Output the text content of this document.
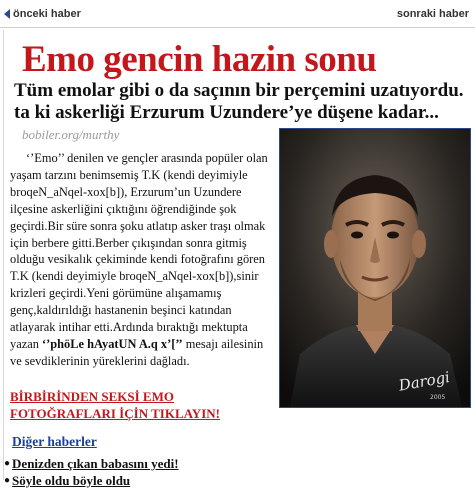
önceki haber	sonraki haber
Emo gencin hazin sonu
Tüm emolar gibi o da saçının bir perçemini uzatıyordu. ta ki askerliği Erzurum Uzundere’ye düşene kadar...
bobiler.org/murthy
‘’Emo’’ denilen ve gençler arasında popüler olan yaşam tarzını benimsemiş T.K (kendi deyimiyle broqeN_aNqel-xox[b]), Erzurum’un Uzundere ilçesine askerliğini çıktığını öğrendiğinde şok geçirdi.Bir süre sonra şoku atlatıp asker traşı olmak için berbere gitti.Berber çıkışından sonra gitmiş olduğu vesikalık çekiminde kendi fotoğrafını gören T.K (kendi deyimiyle broqeN_aNqel-xox[b]),sinir krizleri geçirdi.Yeni görümüne alışamamış genç,kaldırıldığı hastanenin beşinci katından atlayarak intihar etti.Ardında bıraktığı mektupta yazan ‘’phöLe hAyatUN A.q x’[’’ mesajı ailesinin ve sevdiklerinin yüreklerini dağladı.
Darogi
2005
BİRBİRİNDEN SEKSİ EMO FOTOĞRAFLARI İÇİN TIKLAYIN!
Diğer haberler
● Denizden çıkan babasını yedi!
● Söyle oldu böyle oldu
